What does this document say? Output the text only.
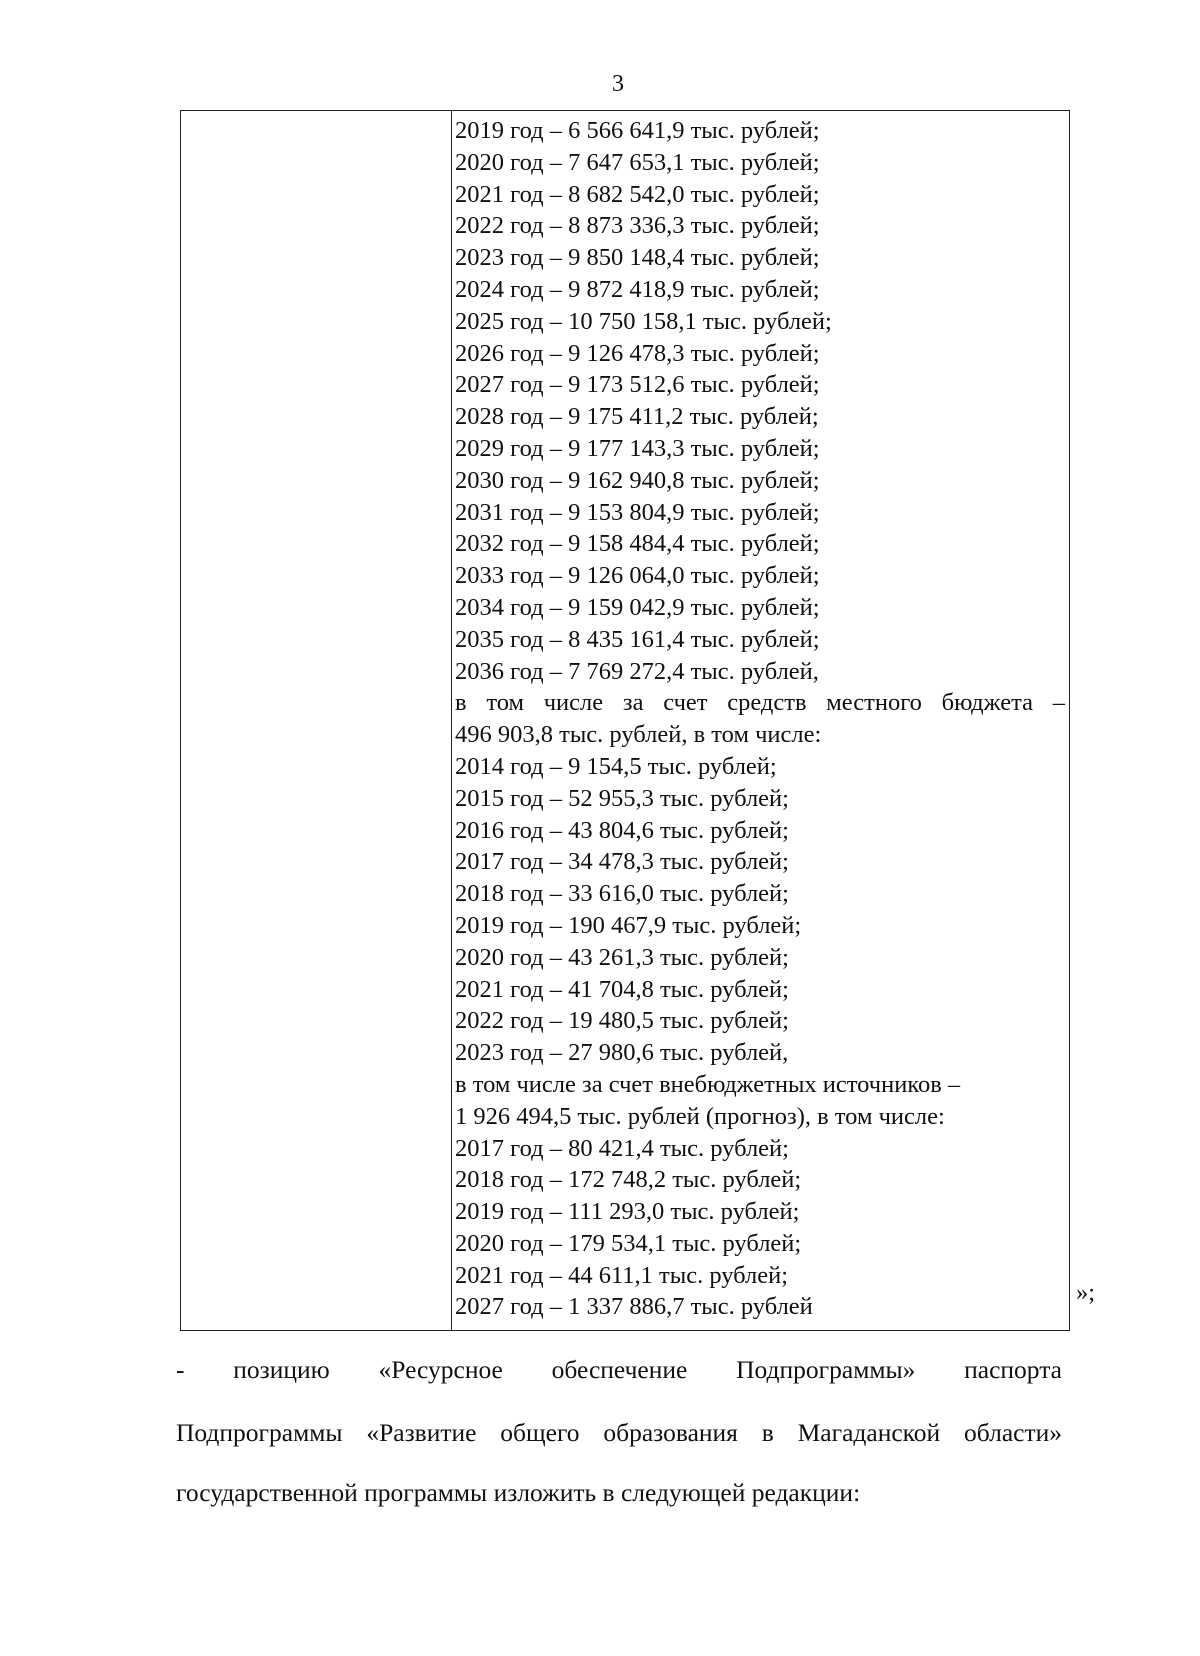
3
2019 год – 6 566 641,9 тыс. рублей;
2020 год – 7 647 653,1 тыс. рублей;
2021 год – 8 682 542,0 тыс. рублей;
2022 год – 8 873 336,3 тыс. рублей;
2023 год – 9 850 148,4 тыс. рублей;
2024 год – 9 872 418,9 тыс. рублей;
2025 год – 10 750 158,1 тыс. рублей;
2026 год – 9 126 478,3 тыс. рублей;
2027 год – 9 173 512,6 тыс. рублей;
2028 год – 9 175 411,2 тыс. рублей;
2029 год – 9 177 143,3 тыс. рублей;
2030 год – 9 162 940,8 тыс. рублей;
2031 год – 9 153 804,9 тыс. рублей;
2032 год – 9 158 484,4 тыс. рублей;
2033 год – 9 126 064,0 тыс. рублей;
2034 год – 9 159 042,9 тыс. рублей;
2035 год – 8 435 161,4 тыс. рублей;
2036 год – 7 769 272,4 тыс. рублей,
в том числе за счет средств местного бюджета –
496 903,8 тыс. рублей, в том числе:
2014 год – 9 154,5 тыс. рублей;
2015 год – 52 955,3 тыс. рублей;
2016 год – 43 804,6 тыс. рублей;
2017 год – 34 478,3 тыс. рублей;
2018 год – 33 616,0 тыс. рублей;
2019 год – 190 467,9 тыс. рублей;
2020 год – 43 261,3 тыс. рублей;
2021 год – 41 704,8 тыс. рублей;
2022 год – 19 480,5 тыс. рублей;
2023 год – 27 980,6 тыс. рублей,
в том числе за счет внебюджетных источников –
1 926 494,5 тыс. рублей (прогноз), в том числе:
2017 год – 80 421,4 тыс. рублей;
2018 год – 172 748,2 тыс. рублей;
2019 год – 111 293,0 тыс. рублей;
2020 год – 179 534,1 тыс. рублей;
2021 год – 44 611,1 тыс. рублей;
2027 год – 1 337 886,7 тыс. рублей
»;
- позицию «Ресурсное обеспечение Подпрограммы» паспорта
Подпрограммы «Развитие общего образования в Магаданской области»
государственной программы изложить в следующей редакции:
